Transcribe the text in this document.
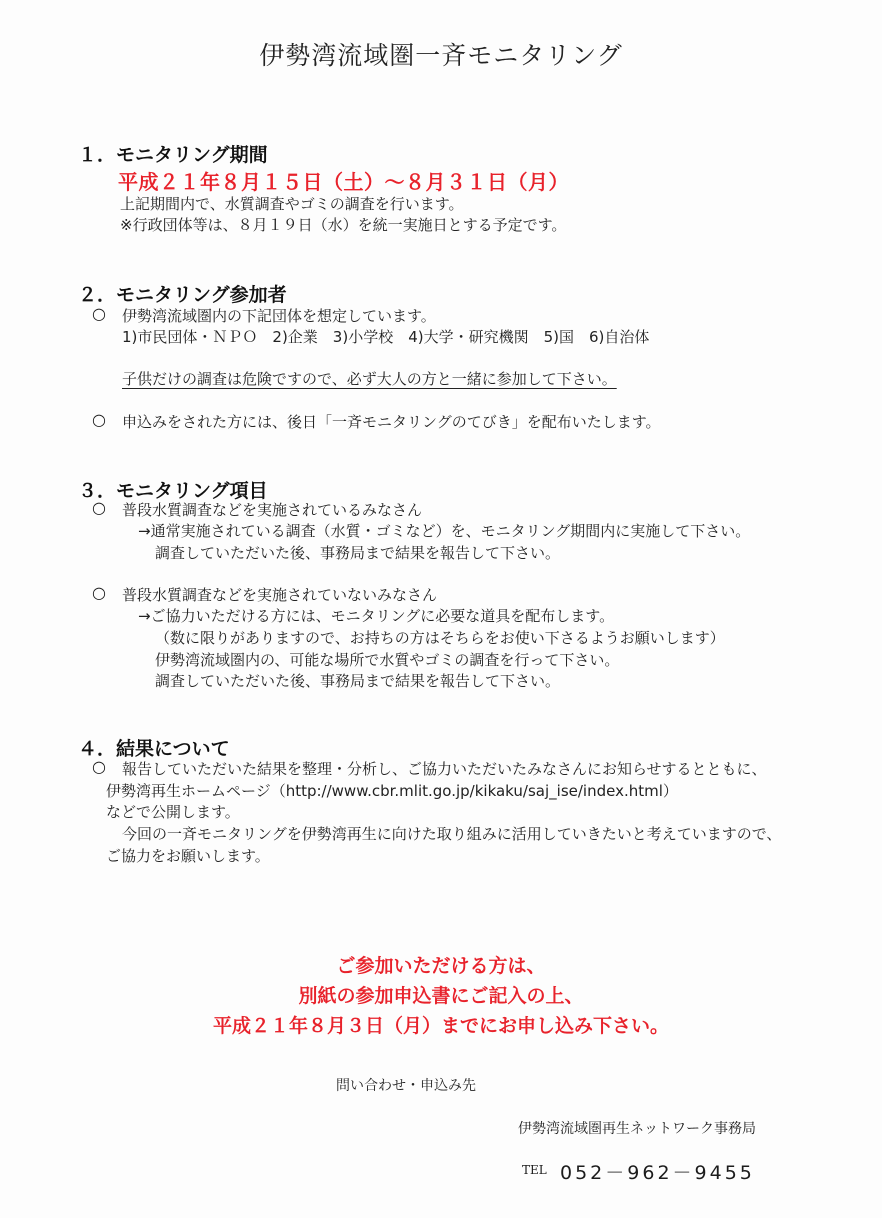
伊勢湾流域圏一斉モニタリング
１．モニタリング期間
平成２１年８月１５日（土）～８月３１日（月）
上記期間内で、水質調査やゴミの調査を行います。
※行政団体等は、８月１９日（水）を統一実施日とする予定です。
２．モニタリング参加者
○ 伊勢湾流域圏内の下記団体を想定しています。
1)市民団体・ＮＰＯ　2)企業　3)小学校　4)大学・研究機関　5)国　6)自治体
子供だけの調査は危険ですので、必ず大人の方と一緒に参加して下さい。
○ 申込みをされた方には、後日「一斉モニタリングのてびき」を配布いたします。
３．モニタリング項目
○ 普段水質調査などを実施されているみなさん
→通常実施されている調査（水質・ゴミなど）を、モニタリング期間内に実施して下さい。
調査していただいた後、事務局まで結果を報告して下さい。
○ 普段水質調査などを実施されていないみなさん
→ご協力いただける方には、モニタリングに必要な道具を配布します。
（数に限りがありますので、お持ちの方はそちらをお使い下さるようお願いします）
伊勢湾流域圏内の、可能な場所で水質やゴミの調査を行って下さい。
調査していただいた後、事務局まで結果を報告して下さい。
４．結果について
○ 報告していただいた結果を整理・分析し、ご協力いただいたみなさんにお知らせするとともに、
伊勢湾再生ホームページ（http://www.cbr.mlit.go.jp/kikaku/saj_ise/index.html）
などで公開します。
今回の一斉モニタリングを伊勢湾再生に向けた取り組みに活用していきたいと考えていますので、
ご協力をお願いします。
ご参加いただける方は、
別紙の参加申込書にご記入の上、
平成２１年８月３日（月）までにお申し込み下さい。
問い合わせ・申込み先
伊勢湾流域圏再生ネットワーク事務局
TEL 052－962－9455
